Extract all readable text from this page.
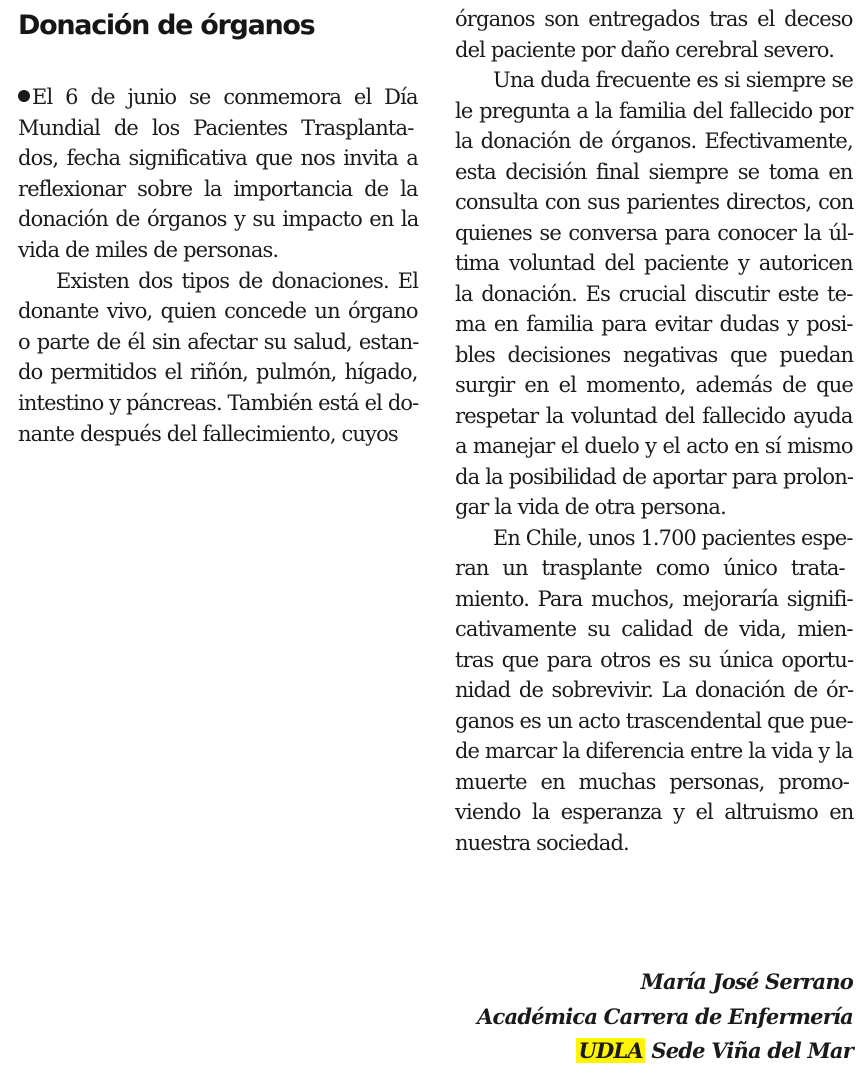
Donación de órganos
El 6 de junio se conmemora el Día
Mundial de los Pacientes Trasplanta-
dos, fecha significativa que nos invita a
reflexionar sobre la importancia de la
donación de órganos y su impacto en la
vida de miles de personas.
Existen dos tipos de donaciones. El
donante vivo, quien concede un órgano
o parte de él sin afectar su salud, estan-
do permitidos el riñón, pulmón, hígado,
intestino y páncreas. También está el do-
nante después del fallecimiento, cuyos
órganos son entregados tras el deceso
del paciente por daño cerebral severo.
Una duda frecuente es si siempre se
le pregunta a la familia del fallecido por
la donación de órganos. Efectivamente,
esta decisión final siempre se toma en
consulta con sus parientes directos, con
quienes se conversa para conocer la úl-
tima voluntad del paciente y autoricen
la donación. Es crucial discutir este te-
ma en familia para evitar dudas y posi-
bles decisiones negativas que puedan
surgir en el momento, además de que
respetar la voluntad del fallecido ayuda
a manejar el duelo y el acto en sí mismo
da la posibilidad de aportar para prolon-
gar la vida de otra persona.
En Chile, unos 1.700 pacientes espe-
ran un trasplante como único trata-
miento. Para muchos, mejoraría signifi-
cativamente su calidad de vida, mien-
tras que para otros es su única oportu-
nidad de sobrevivir. La donación de ór-
ganos es un acto trascendental que pue-
de marcar la diferencia entre la vida y la
muerte en muchas personas, promo-
viendo la esperanza y el altruismo en
nuestra sociedad.
María José Serrano
Académica Carrera de Enfermería
UDLA Sede Viña del Mar
